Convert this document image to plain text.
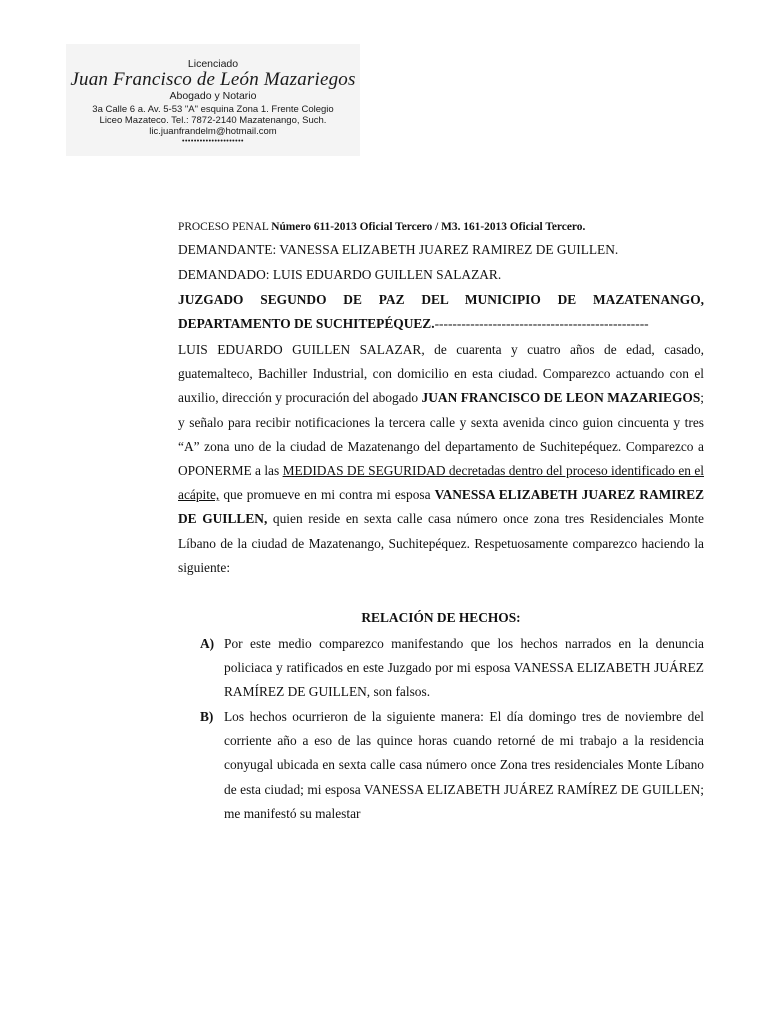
Licenciado
Juan Francisco de León Mazariegos
Abogado y Notario
3a Calle 6 a. Av. 5-53 "A" esquina Zona 1. Frente Colegio
Liceo Mazateco. Tel.: 7872-2140 Mazatenango, Such.
lic.juanfrandelm@hotmail.com
•••••••••••••••••••••
PROCESO PENAL Número 611-2013 Oficial Tercero / M3. 161-2013 Oficial Tercero.
DEMANDANTE: VANESSA ELIZABETH JUAREZ RAMIREZ DE GUILLEN.
DEMANDADO: LUIS EDUARDO GUILLEN SALAZAR.
JUZGADO SEGUNDO DE PAZ DEL MUNICIPIO DE MAZATENANGO,
DEPARTAMENTO DE SUCHITEPÉQUEZ.------------------------------------------------
LUIS EDUARDO GUILLEN SALAZAR, de cuarenta y cuatro años de edad, casado, guatemalteco, Bachiller Industrial, con domicilio en esta ciudad. Comparezco actuando con el auxilio, dirección y procuración del abogado JUAN FRANCISCO DE LEON MAZARIEGOS; y señalo para recibir notificaciones la tercera calle y sexta avenida cinco guion cincuenta y tres “A” zona uno de la ciudad de Mazatenango del departamento de Suchitepéquez. Comparezco a OPONERME a las MEDIDAS DE SEGURIDAD decretadas dentro del proceso identificado en el acápite, que promueve en mi contra mi esposa VANESSA ELIZABETH JUAREZ RAMIREZ DE GUILLEN, quien reside en sexta calle casa número once zona tres Residenciales Monte Líbano de la ciudad de Mazatenango, Suchitepéquez. Respetuosamente comparezco haciendo la siguiente:
RELACIÓN DE HECHOS:
A) Por este medio comparezco manifestando que los hechos narrados en la denuncia policiaca y ratificados en este Juzgado por mi esposa VANESSA ELIZABETH JUÁREZ RAMÍREZ DE GUILLEN, son falsos.
B) Los hechos ocurrieron de la siguiente manera: El día domingo tres de noviembre del corriente año a eso de las quince horas cuando retorné de mi trabajo a la residencia conyugal ubicada en sexta calle casa número once Zona tres residenciales Monte Líbano de esta ciudad; mi esposa VANESSA ELIZABETH JUÁREZ RAMÍREZ DE GUILLEN; me manifestó su malestar
